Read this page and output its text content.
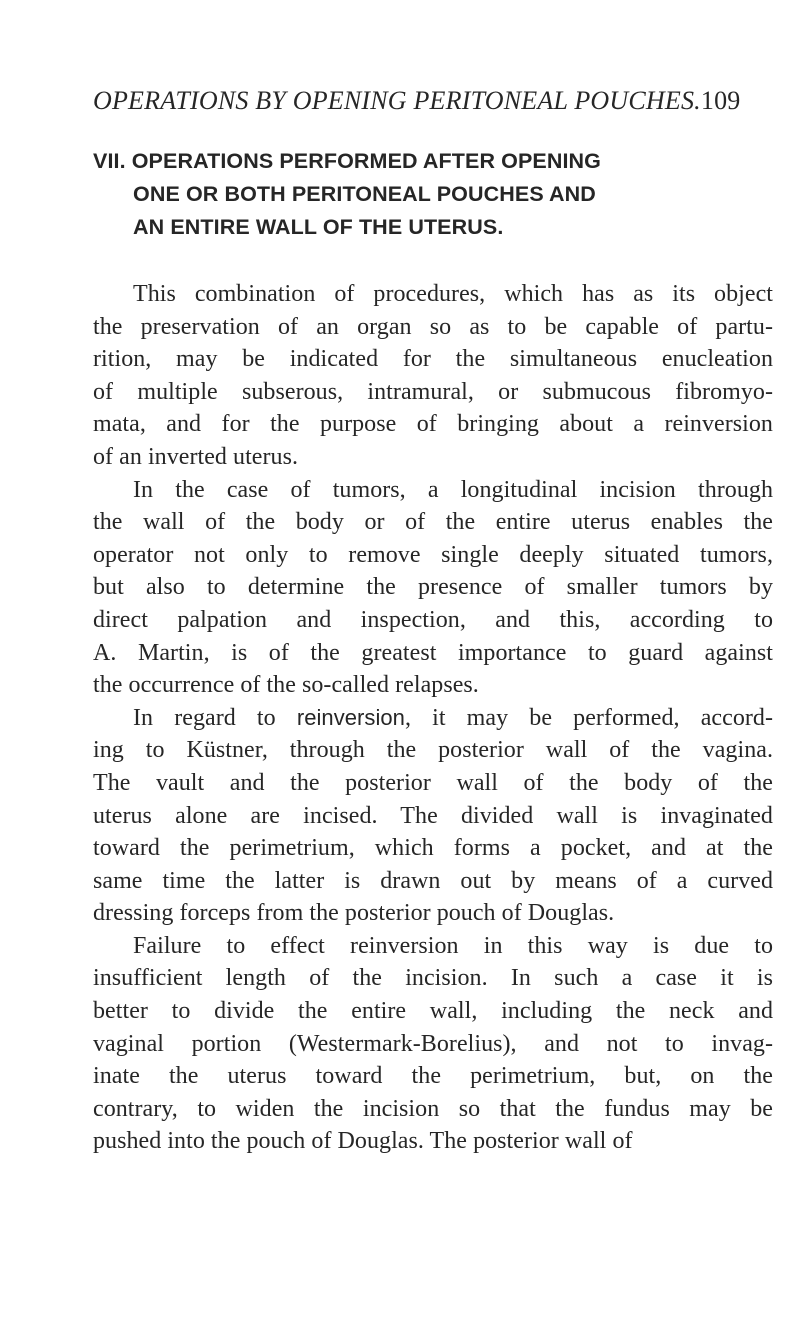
OPERATIONS BY OPENING PERITONEAL POUCHES.109
VII. OPERATIONS PERFORMED AFTER OPENING
ONE OR BOTH PERITONEAL POUCHES AND
AN ENTIRE WALL OF THE UTERUS.
This combination of procedures, which has as its object
the preservation of an organ so as to be capable of partu-
rition, may be indicated for the simultaneous enucleation
of multiple subserous, intramural, or submucous fibromyo-
mata, and for the purpose of bringing about a reinversion
of an inverted uterus.
In the case of tumors, a longitudinal incision through
the wall of the body or of the entire uterus enables the
operator not only to remove single deeply situated tumors,
but also to determine the presence of smaller tumors by
direct palpation and inspection, and this, according to
A. Martin, is of the greatest importance to guard against
the occurrence of the so-called relapses.
In regard to reinversion, it may be performed, accord-
ing to Küstner, through the posterior wall of the vagina.
The vault and the posterior wall of the body of the
uterus alone are incised. The divided wall is invaginated
toward the perimetrium, which forms a pocket, and at the
same time the latter is drawn out by means of a curved
dressing forceps from the posterior pouch of Douglas.
Failure to effect reinversion in this way is due to
insufficient length of the incision. In such a case it is
better to divide the entire wall, including the neck and
vaginal portion (Westermark-Borelius), and not to invag-
inate the uterus toward the perimetrium, but, on the
contrary, to widen the incision so that the fundus may be
pushed into the pouch of Douglas. The posterior wall of
